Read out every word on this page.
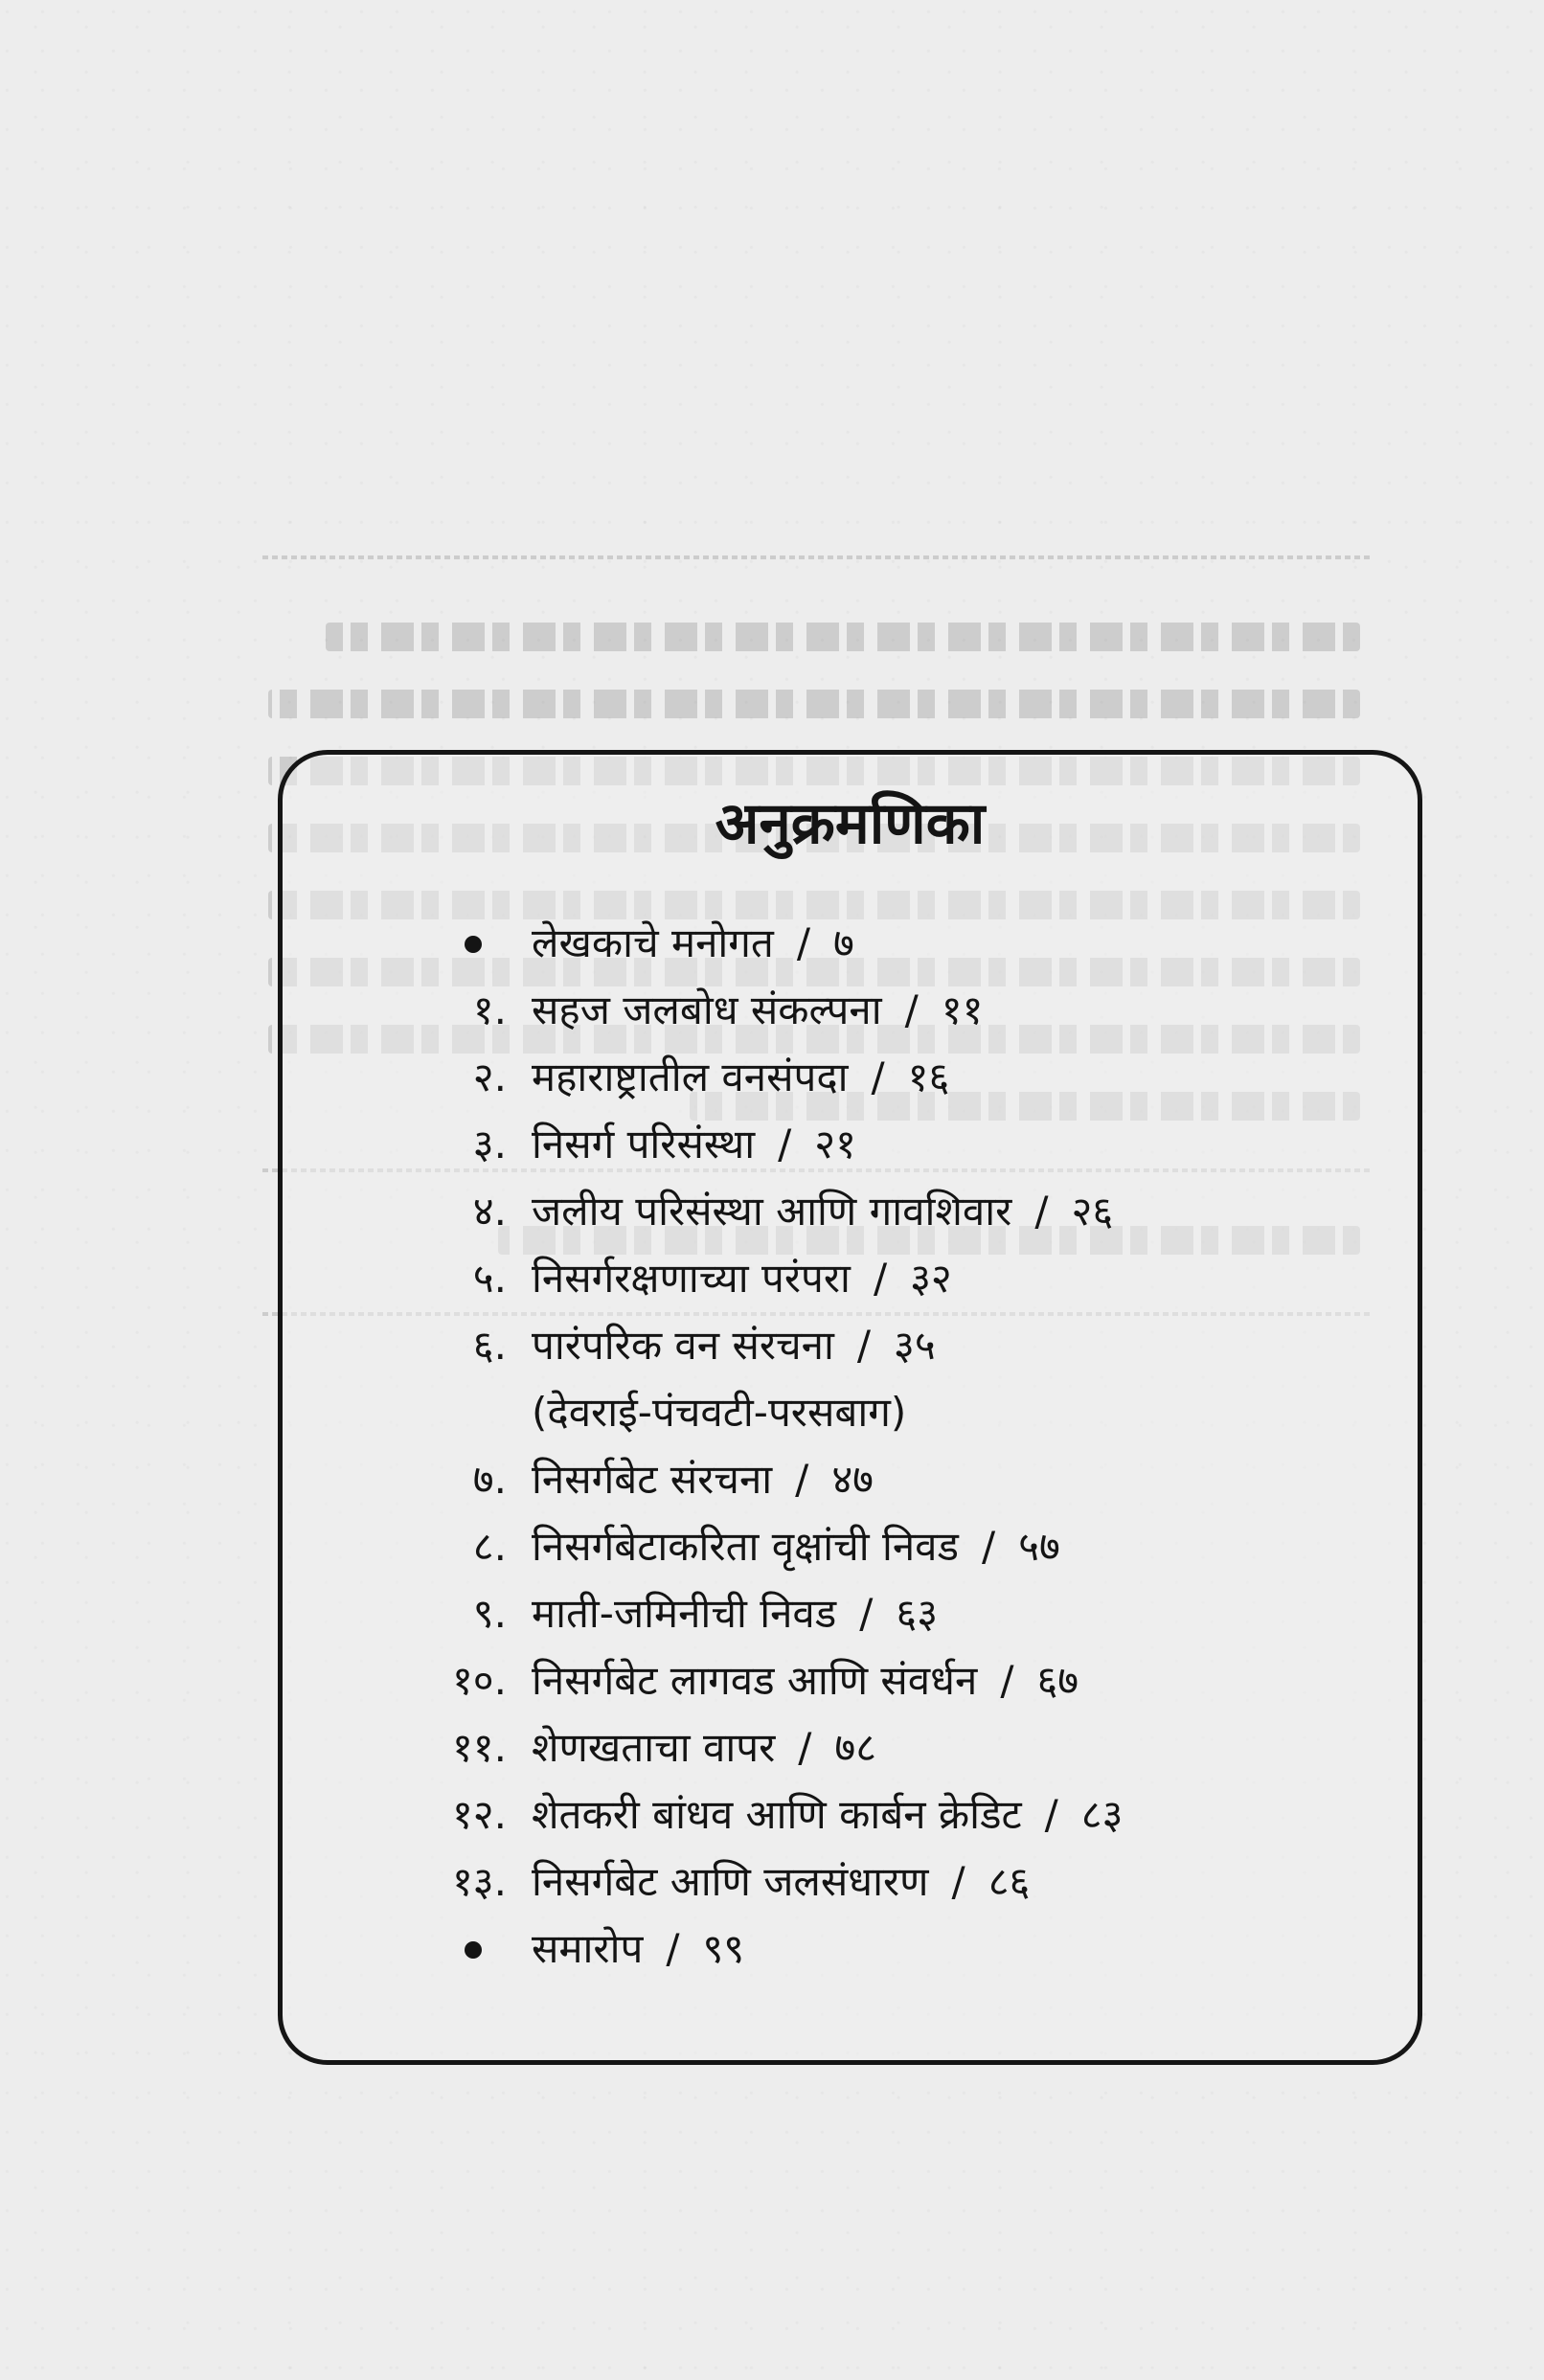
अनुक्रमणिका
लेखकाचे मनोगत / ७
१. सहज जलबोध संकल्पना / ११
२. महाराष्ट्रातील वनसंपदा / १६
३. निसर्ग परिसंस्था / २१
४. जलीय परिसंस्था आणि गावशिवार / २६
५. निसर्गरक्षणाच्या परंपरा / ३२
६. पारंपरिक वन संरचना / ३५
(देवराई-पंचवटी-परसबाग)
७. निसर्गबेट संरचना / ४७
८. निसर्गबेटाकरिता वृक्षांची निवड / ५७
९. माती-जमिनीची निवड / ६३
१०. निसर्गबेट लागवड आणि संवर्धन / ६७
११. शेणखताचा वापर / ७८
१२. शेतकरी बांधव आणि कार्बन क्रेडिट / ८३
१३. निसर्गबेट आणि जलसंधारण / ८६
समारोप / ९९
